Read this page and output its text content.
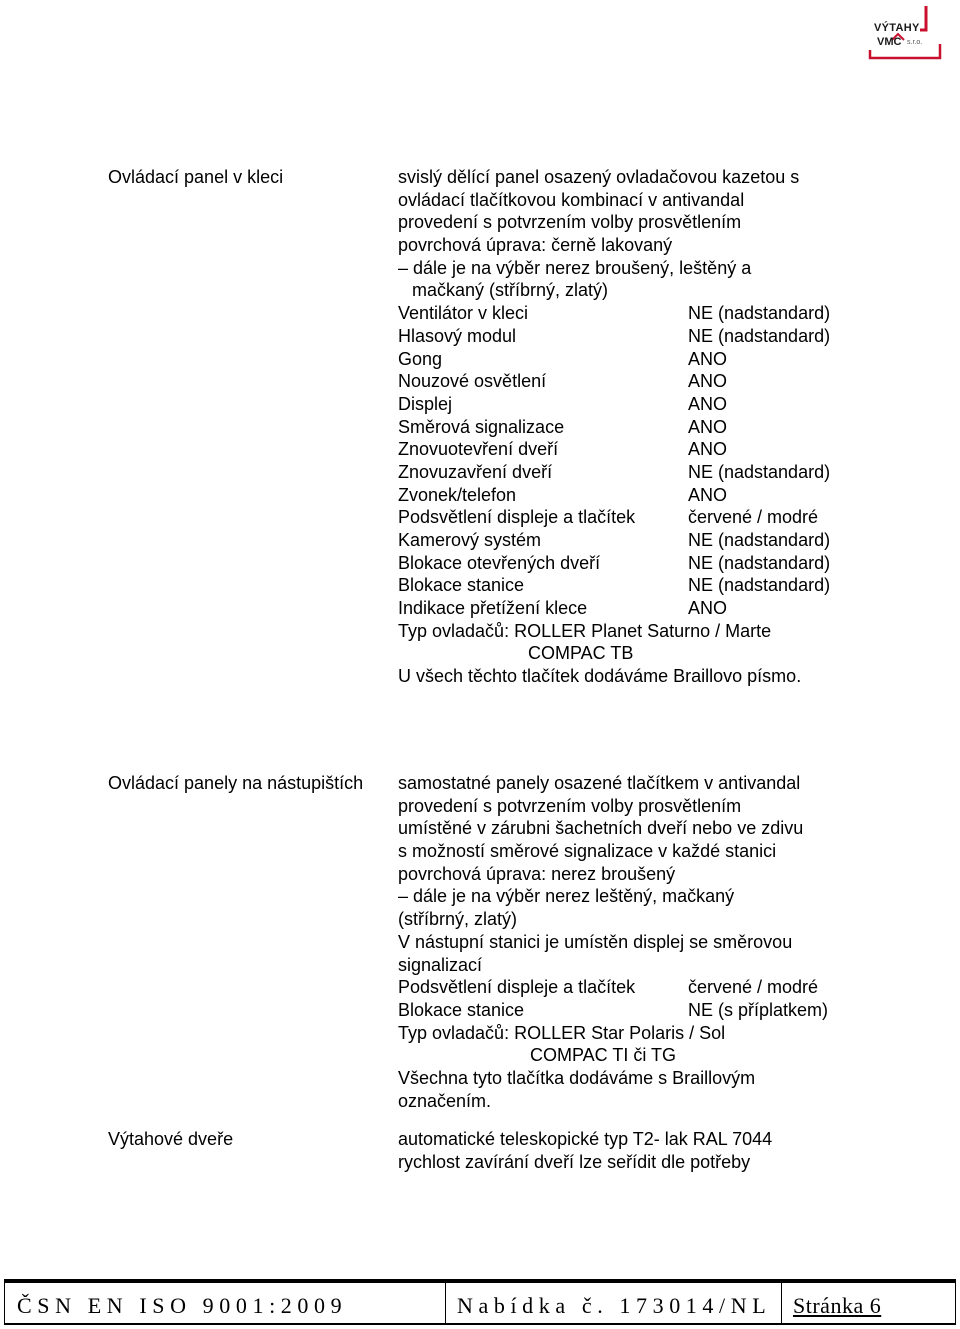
VÝTAHY
VMC s.r.o.
Ovládací panel v kleci	svislý dělící panel osazený ovladačovou kazetou s
ovládací tlačítkovou kombinací v antivandal
provedení s potvrzením volby prosvětlením
povrchová úprava: černě lakovaný
– dále je na výběr nerez broušený, leštěný a
mačkaný (stříbrný, zlatý)
Ventilátor v kleci	NE (nadstandard)
Hlasový modul	NE (nadstandard)
Gong	ANO
Nouzové osvětlení	ANO
Displej	ANO
Směrová signalizace	ANO
Znovuotevření dveří	ANO
Znovuzavření dveří	NE (nadstandard)
Zvonek/telefon	ANO
Podsvětlení displeje a tlačítek	červené / modré
Kamerový systém	NE (nadstandard)
Blokace otevřených dveří	NE (nadstandard)
Blokace stanice	NE (nadstandard)
Indikace přetížení klece	ANO
Typ ovladačů: ROLLER Planet Saturno / Marte
COMPAC TB
U všech těchto tlačítek dodáváme Braillovo písmo.
Ovládací panely na nástupištích samostatné panely osazené tlačítkem v antivandal
provedení s potvrzením volby prosvětlením
umístěné v zárubni šachetních dveří nebo ve zdivu
s možností směrové signalizace v každé stanici
povrchová úprava: nerez broušený
– dále je na výběr nerez leštěný, mačkaný
(stříbrný, zlatý)
V nástupní stanici je umístěn displej se směrovou
signalizací
Podsvětlení displeje a tlačítek	červené / modré
Blokace stanice	NE (s příplatkem)
Typ ovladačů: ROLLER Star Polaris / Sol
COMPAC TI či TG
Všechna tyto tlačítka dodáváme s Braillovým
označením.
Výtahové dveře	automatické teleskopické typ T2- lak RAL 7044
rychlost zavírání dveří lze seřídit dle potřeby
ČSN EN ISO 9001:2009	Nabídka č. 173014/NL Stránka 6
